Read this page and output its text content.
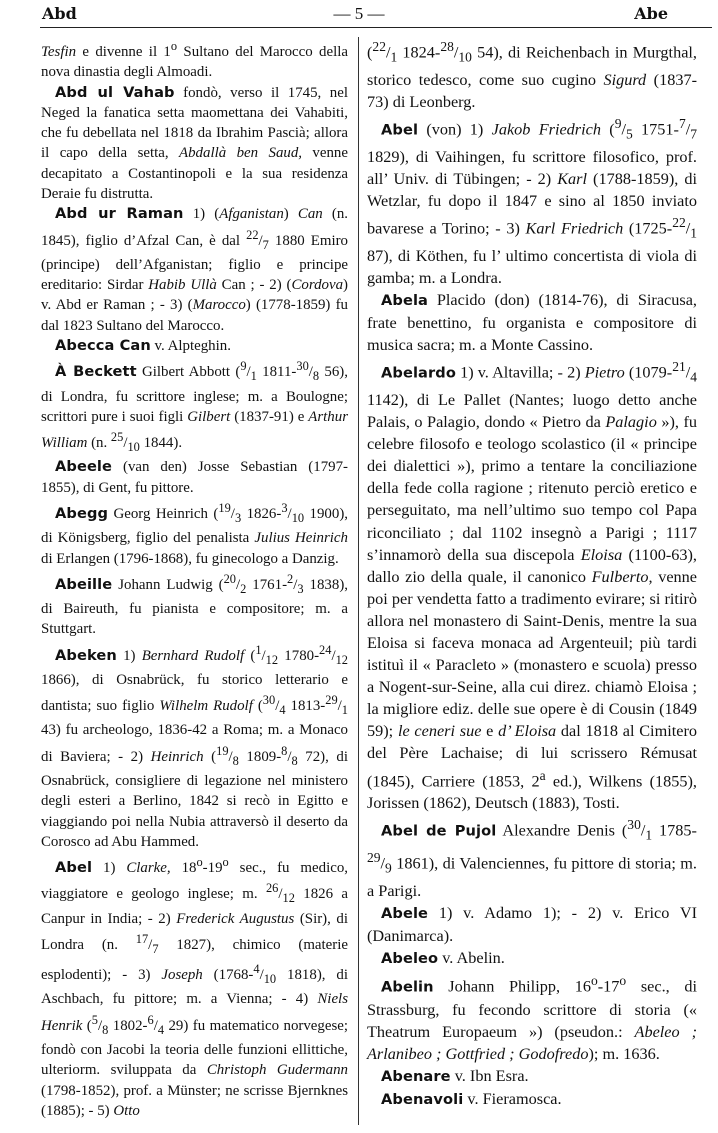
Abd	— 5 —	Abe

Tesfin e divenne il 1$^o$ Sultano del Marocco della nova dinastia degli Almoadi.

Abd ul Vahab fondò, verso il 1745, nel Neged la fanatica setta maomettana dei Vahabiti, che fu debellata nel 1818 da Ibrahim Pascià; allora il capo della setta, Abdallà ben Saud, venne decapitato a Costantinopoli e la sua residenza Deraie fu distrutta.

Abd ur Raman 1) (Afganistan) Can (n. 1845), figlio d’Afzal Can, è dal $^{22}/_7$ 1880 Emiro (principe) dell’Afganistan; figlio e principe ereditario: Sirdar Habib Ullà Can ; - 2) (Cordova) v. Abd er Raman ; - 3) (Marocco) (1778-1859) fu dal 1823 Sultano del Marocco.

Abecca Can v. Alpteghin.

À Beckett Gilbert Abbott ($^9/_1$ $1811-^{30}/_8$ 56), di Londra, fu scrittore inglese; m. a Boulogne; scrittori pure i suoi figli Gilbert (1837-91) e Arthur William (n. $^{25}/_{10}$ 1844).

Abeele (van den) Josse Sebastian (1797-1855), di Gent, fu pittore.

Abegg Georg Heinrich ($^{19}/_3$ $1826-^3/_{10}$ 1900), di Königsberg, figlio del penalista Julius Heinrich di Erlangen (1796-1868), fu ginecologo a Danzig.

Abeille Johann Ludwig ($^{20}/_2$ $1761-^2/_3$ 1838), di Baireuth, fu pianista e compositore; m. a Stuttgart.

Abeken 1) Bernhard Rudolf ($^1/_{12}$ $1780-^{24}/_{12}$ 1866), di Osnabrück, fu storico letterario e dantista; suo figlio Wilhelm Rudolf ($^{30}/_4$ $1813-^{29}/_1$ 43) fu archeologo, 1836-42 a Roma; m. a Monaco di Baviera; - 2) Heinrich ($^{19}/_8$ $1809-^8/_8$ 72), di Osnabrück, consigliere di legazione nel ministero degli esteri a Berlino, 1842 si recò in Egitto e viaggiando poi nella Nubia attraversò il deserto da Corosco ad Abu Hammed.

Abel 1) Clarke, 18$^o$-19$^o$ sec., fu medico, viaggiatore e geologo inglese; m. $^{26}/_{12}$ 1826 a Canpur in India; - 2) Frederick Augustus (Sir), di Londra (n. $^{17}/_7$ 1827), chimico (materie esplodenti); - 3) Joseph ($1768-^4/_{10}$ 1818), di Aschbach, fu pittore; m. a Vienna; - 4) Niels Henrik ($^5/_8$ $1802-^6/_4$ 29) fu matematico norvegese; fondò con Jacobi la teoria delle funzioni ellittiche, ulteriorm. sviluppata da Christoph Gudermann (1798-1852), prof. a Münster; ne scrisse Bjernknes (1885); - 5) Otto

($^{22}/_1$ $1824-^{28}/_{10}$ 54), di Reichenbach in Murgthal, storico tedesco, come suo cugino Sigurd (1837-73) di Leonberg.

Abel (von) 1) Jakob Friedrich ($^9/_5$ $1751-^7/_7$ 1829), di Vaihingen, fu scrittore filosofico, prof. all’ Univ. di Tübingen; - 2) Karl (1788-1859), di Wetzlar, fu dopo il 1847 e sino al 1850 inviato bavarese a Torino; - 3) Karl Friedrich ($1725-^{22}/_1$ 87), di Köthen, fu l’ ultimo concertista di viola di gamba; m. a Londra.

Abela Placido (don) (1814-76), di Siracusa, frate benettino, fu organista e compositore di musica sacra; m. a Monte Cassino.

Abelardo 1) v. Altavilla; - 2) Pietro ($1079-^{21}/_4$ 1142), di Le Pallet (Nantes; luogo detto anche Palais, o Palagio, dondo « Pietro da Palagio »), fu celebre filosofo e teologo scolastico (il « principe dei dialettici »), primo a tentare la conciliazione della fede colla ragione ; ritenuto perciò eretico e perseguitato, ma nell’ultimo suo tempo col Papa riconciliato ; dal 1102 insegnò a Parigi ; 1117 s’innamorò della sua discepola Eloisa (1100-63), dallo zio della quale, il canonico Fulberto, venne poi per vendetta fatto a tradimento evirare; si ritirò allora nel monastero di Saint-Denis, mentre la sua Eloisa si faceva monaca ad Argenteuil; più tardi istituì il « Paracleto » (monastero e scuola) presso a Nogent-sur-Seine, alla cui direz. chiamò Eloisa ; la migliore ediz. delle sue opere è di Cousin (1849 59); le ceneri sue e d’ Eloisa dal 1818 al Cimitero del Père Lachaise; di lui scrissero Rémusat (1845), Carriere (1853, 2$^a$ ed.), Wilkens (1855), Jorissen (1862), Deutsch (1883), Tosti.

Abel de Pujol Alexandre Denis ($^{30}/_1$ $1785-^{29}/_9$ 1861), di Valenciennes, fu pittore di storia; m. a Parigi.

Abele 1) v. Adamo 1); - 2) v. Erico VI (Danimarca).

Abeleo v. Abelin.

Abelin Johann Philipp, 16$^o$-17$^o$ sec., di Strassburg, fu fecondo scrittore di storia (« Theatrum Europaeum ») (pseudon.: Abeleo ; Arlanibeo ; Gottfried ; Godofredo); m. 1636.

Abenare v. Ibn Esra.

Abenavoli v. Fieramosca.
